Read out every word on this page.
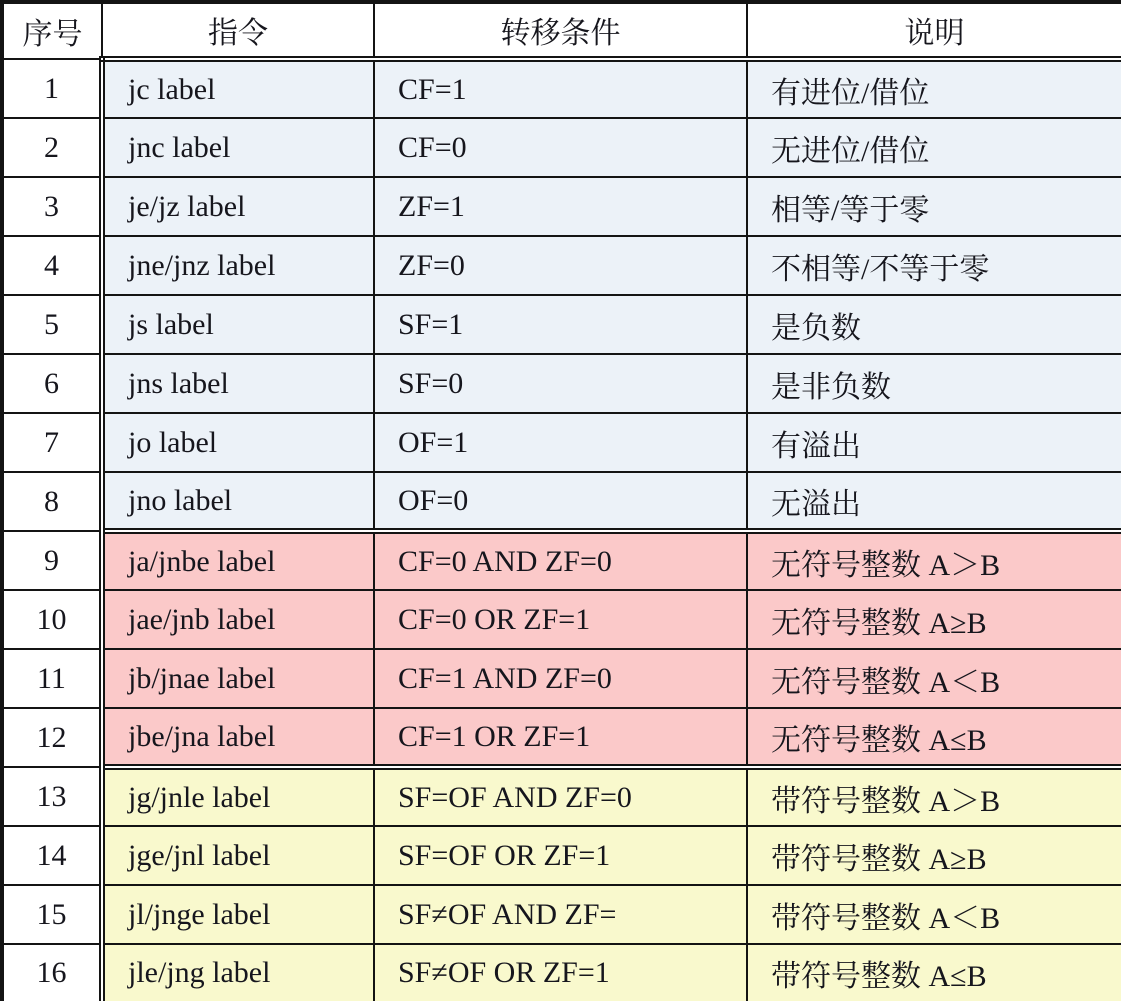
序号	指令	转移条件	说明
1	jc label	CF=1	有进位/借位
2	jnc label	CF=0	无进位/借位
3	je/jz label	ZF=1	相等/等于零
4	jne/jnz label	ZF=0	不相等/不等于零
5	js label	SF=1	是负数
6	jns label	SF=0	是非负数
7	jo label	OF=1	有溢出
8	jno label	OF=0	无溢出
9	ja/jnbe label	CF=0 AND ZF=0	无符号整数 A＞B
10	jae/jnb label	CF=0 OR ZF=1	无符号整数 A≥B
11	jb/jnae label	CF=1 AND ZF=0	无符号整数 A＜B
12	jbe/jna label	CF=1 OR ZF=1	无符号整数 A≤B
13	jg/jnle label	SF=OF AND ZF=0	带符号整数 A＞B
14	jge/jnl label	SF=OF OR ZF=1	带符号整数 A≥B
15	jl/jnge label	SF≠OF AND ZF=	带符号整数 A＜B
16	jle/jng label	SF≠OF OR ZF=1	带符号整数 A≤B
